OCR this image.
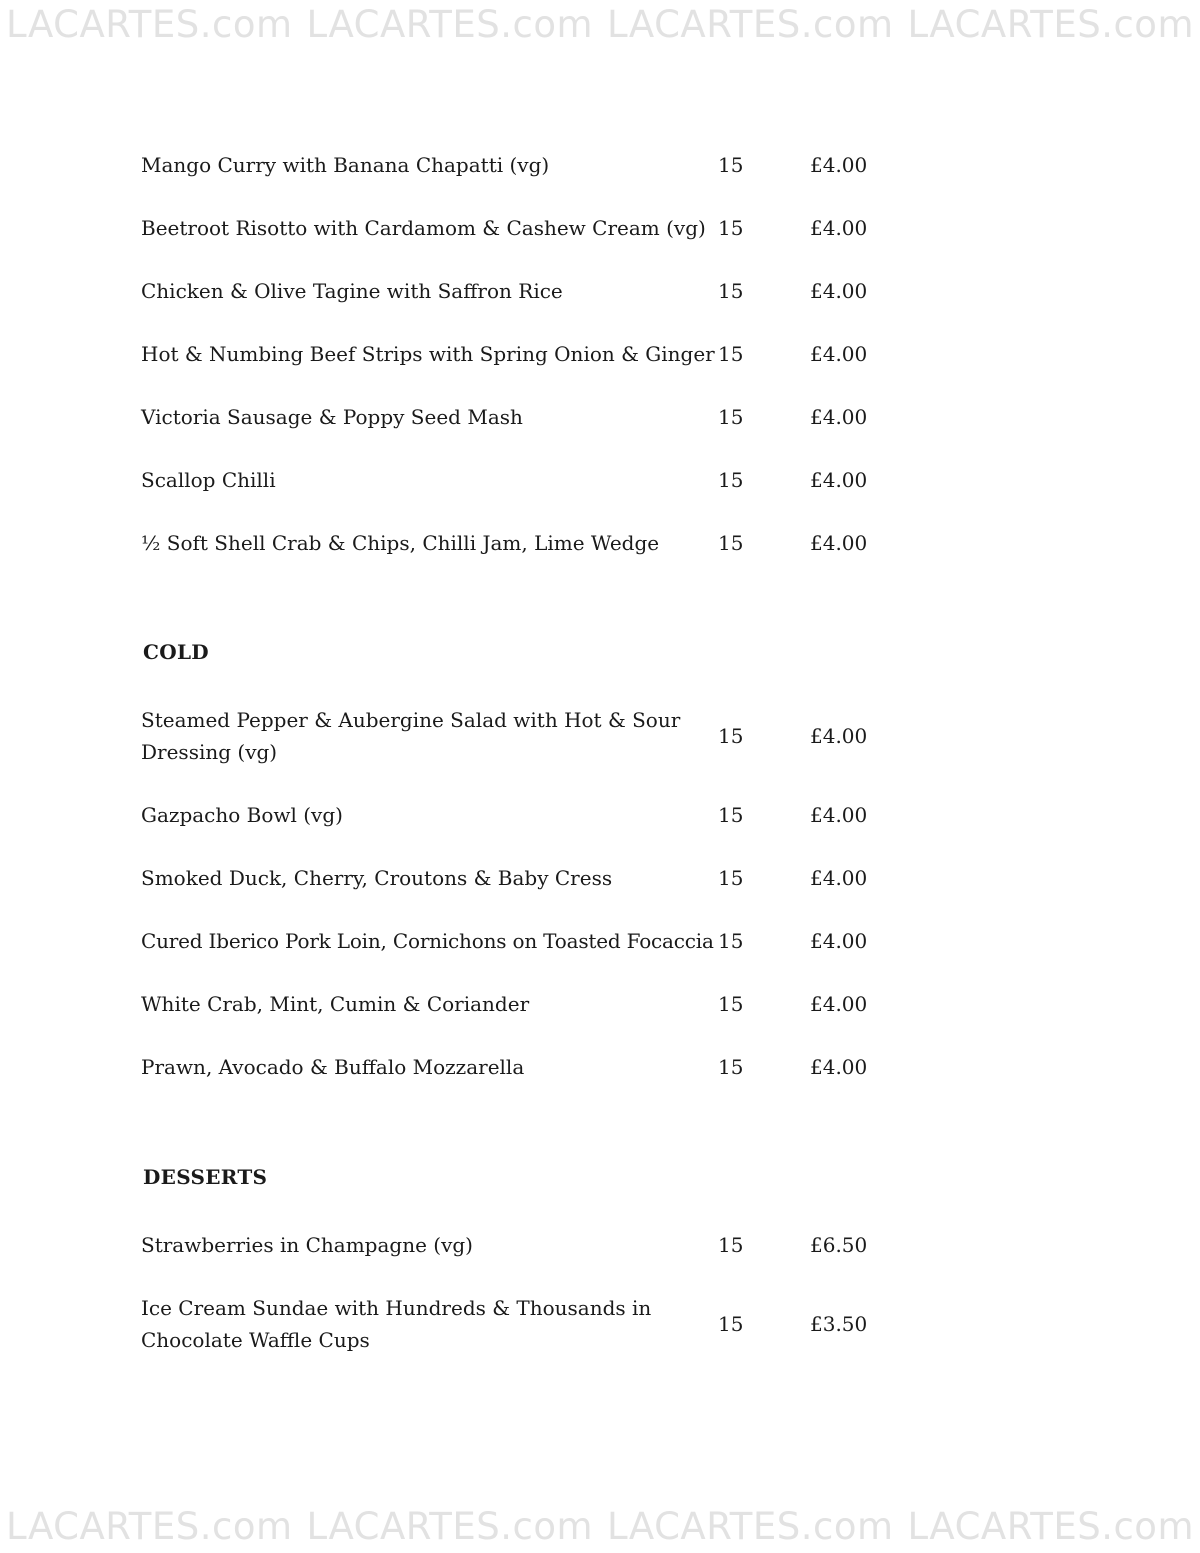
LACARTES.com LACARTES.com LACARTES.com LACARTES.com
LACARTES.com LACARTES.com LACARTES.com LACARTES.com
Mango Curry with Banana Chapatti (vg)	15	£4.00
Beetroot Risotto with Cardamom & Cashew Cream (vg) 15	£4.00
Chicken & Olive Tagine with Saffron Rice	15	£4.00
Hot & Numbing Beef Strips with Spring Onion & Ginger 15	£4.00
Victoria Sausage & Poppy Seed Mash	15	£4.00
Scallop Chilli	15	£4.00
½ Soft Shell Crab & Chips, Chilli Jam, Lime Wedge	15	£4.00
COLD
Steamed Pepper & Aubergine Salad with Hot & Sour Dressing (vg)
15	£4.00
Gazpacho Bowl (vg)	15	£4.00
Smoked Duck, Cherry, Croutons & Baby Cress	15	£4.00
Cured Iberico Pork Loin, Cornichons on Toasted Focaccia 15	£4.00
White Crab, Mint, Cumin & Coriander	15	£4.00
Prawn, Avocado & Buffalo Mozzarella	15	£4.00
DESSERTS
Strawberries in Champagne (vg)	15	£6.50
Ice Cream Sundae with Hundreds & Thousands in Chocolate Waffle Cups
15	£3.50
